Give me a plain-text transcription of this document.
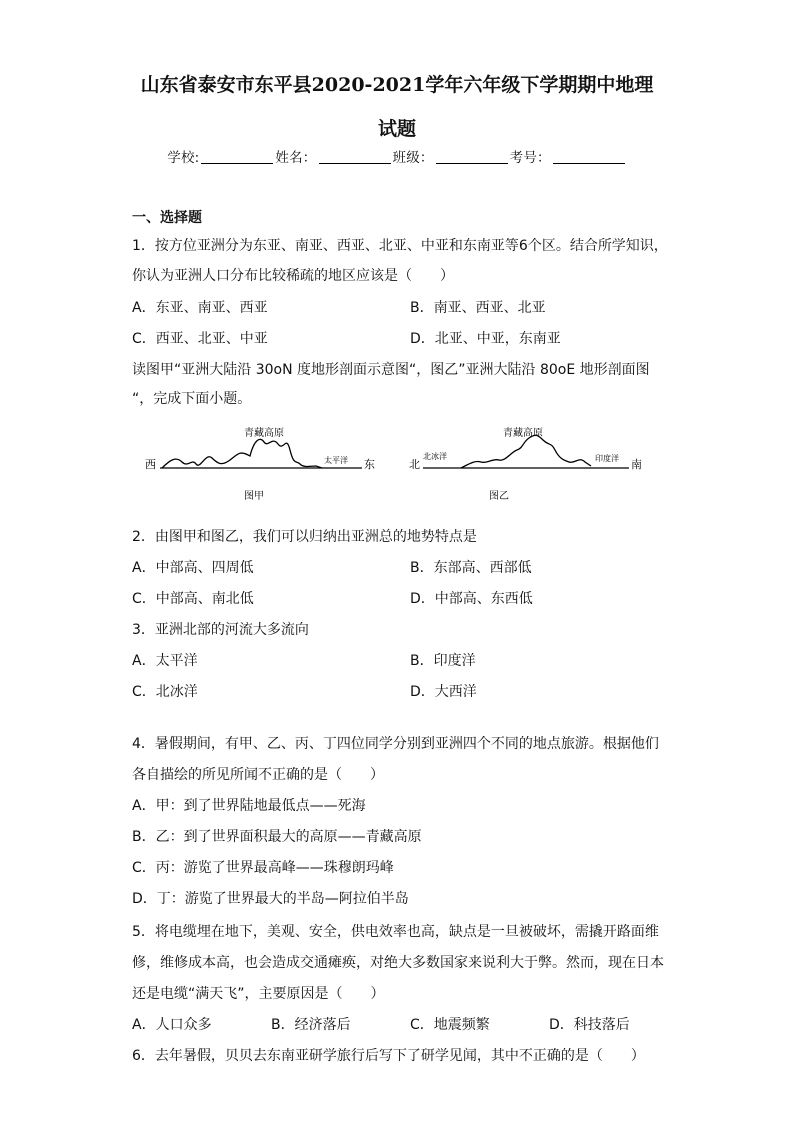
山东省泰安市东平县2020-2021学年六年级下学期期中地理
试题
学校:	姓名：	班级：	考号：
一、选择题
1．按方位亚洲分为东亚、南亚、西亚、北亚、中亚和东南亚等6个区。结合所学知识，
你认为亚洲人口分布比较稀疏的地区应该是（　　）
A．东亚、南亚、西亚	B．南亚、西亚、北亚
C．西亚、北亚、中亚	D．北亚、中亚，东南亚
读图甲“亚洲大陆沿 30oN 度地形剖面示意图“，图乙”亚洲大陆沿 80oE 地形剖面图
“，完成下面小题。
西
青藏高原
太平洋 东
图甲
北
北冰洋
青藏高原
印度洋 南
图乙
2．由图甲和图乙，我们可以归纳出亚洲总的地势特点是
A．中部高、四周低	B．东部高、西部低
C．中部高、南北低	D．中部高、东西低
3．亚洲北部的河流大多流向
A．太平洋	B．印度洋
C．北冰洋	D．大西洋
4．暑假期间，有甲、乙、丙、丁四位同学分别到亚洲四个不同的地点旅游。根据他们
各自描绘的所见所闻不正确的是（　　）
A．甲：到了世界陆地最低点——死海
B．乙：到了世界面积最大的高原——青藏高原
C．丙：游览了世界最高峰——珠穆朗玛峰
D．丁：游览了世界最大的半岛—阿拉伯半岛
5．将电缆埋在地下，美观、安全，供电效率也高，缺点是一旦被破坏，需撬开路面维
修，维修成本高，也会造成交通瘫痪，对绝大多数国家来说利大于弊。然而，现在日本
还是电缆“满天飞”，主要原因是（　　）
A．人口众多	B．经济落后	C．地震频繁	D．科技落后
6．去年暑假，贝贝去东南亚研学旅行后写下了研学见闻，其中不正确的是（　　）
